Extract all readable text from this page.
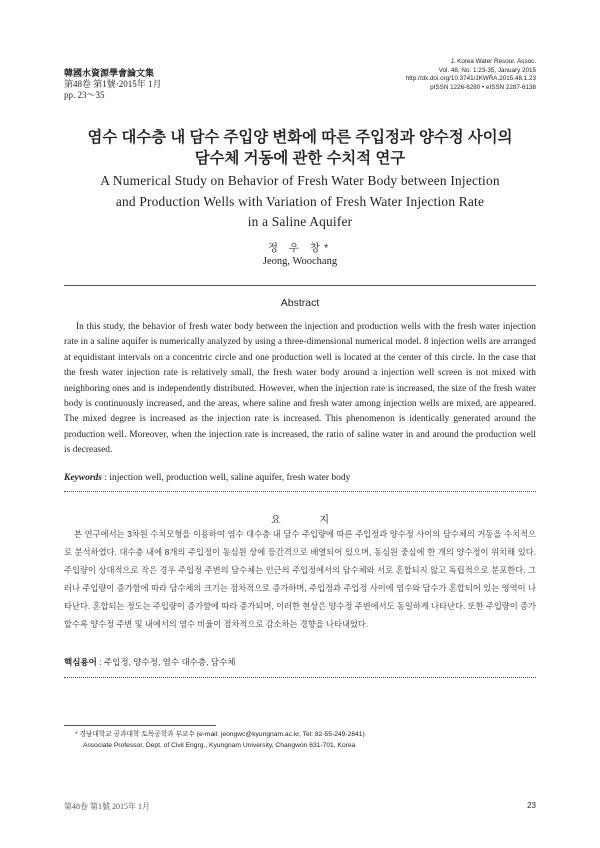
韓國水資源學會論文集
第48卷 第1號·2015年 1月
pp. 23～35
J. Korea Water Resour. Assoc.
Vol. 48, No. 1:23-35, January 2015
http://dx.doi.org/10.3741/JKWRA.2015.48.1.23
pISSN 1226-6280 • eISSN 2287-6138
염수 대수층 내 담수 주입양 변화에 따른 주입정과 양수정 사이의
담수체 거동에 관한 수치적 연구
A Numerical Study on Behavior of Fresh Water Body between Injection
and Production Wells with Variation of Fresh Water Injection Rate
in a Saline Aquifer
정 우 창*
Jeong, Woochang
Abstract
In this study, the behavior of fresh water body between the injection and production wells with the fresh water injection rate in a saline aquifer is numerically analyzed by using a three-dimensional numerical model. 8 injection wells are arranged at equidistant intervals on a concentric circle and one production well is located at the center of this circle. In the case that the fresh water injection rate is relatively small, the fresh water body around a injection well screen is not mixed with neighboring ones and is independently distributed. However, when the injection rate is increased, the size of the fresh water body is continuously increased, and the areas, where saline and fresh water among injection wells are mixed, are appeared. The mixed degree is increased as the injection rate is increased. This phenomenon is identically generated around the production well. Moreover, when the injection rate is increased, the ratio of saline water in and around the production well is decreased.
Keywords : injection well, production well, saline aquifer, fresh water body
요 지
본 연구에서는 3차원 수치모형을 이용하여 염수 대수층 내 담수 주입량에 따른 주입정과 양수정 사이의 담수체의 거동을 수치적으로 분석하였다. 대수층 내에 8개의 주입정이 동심원 상에 등간격으로 배열되어 있으며, 동심원 중심에 한 개의 양수정이 위치해 있다. 주입량이 상대적으로 작은 경우 주입정 주변의 담수체는 인근의 주입정에서의 담수체와 서로 혼합되지 않고 독립적으로 분포한다. 그러나 주입량이 증가함에 따라 담수체의 크기는 점차적으로 증가하며, 주입정과 주입정 사이에 염수와 담수가 혼합되어 있는 영역이 나타난다. 혼합되는 정도는 주입량이 증가함에 따라 증가되며, 이러한 현상은 양수정 주변에서도 동일하게 나타난다. 또한 주입량이 증가할수록 양수정 주변 및 내에서의 염수 비율이 점차적으로 감소하는 경향을 나타내었다.
핵심용어 : 주입정, 양수정, 염수 대수층, 담수체
* 경남대학교 공과대학 토목공학과 부교수 (e-mail: jeongwc@kyungnam.ac.kr, Tel: 82-55-249-2641)
Associate Professor, Dept. of Civil Engrg., Kyungnam University, Changwon 631-701, Korea
第48卷 第1號 2015年 1月	23
